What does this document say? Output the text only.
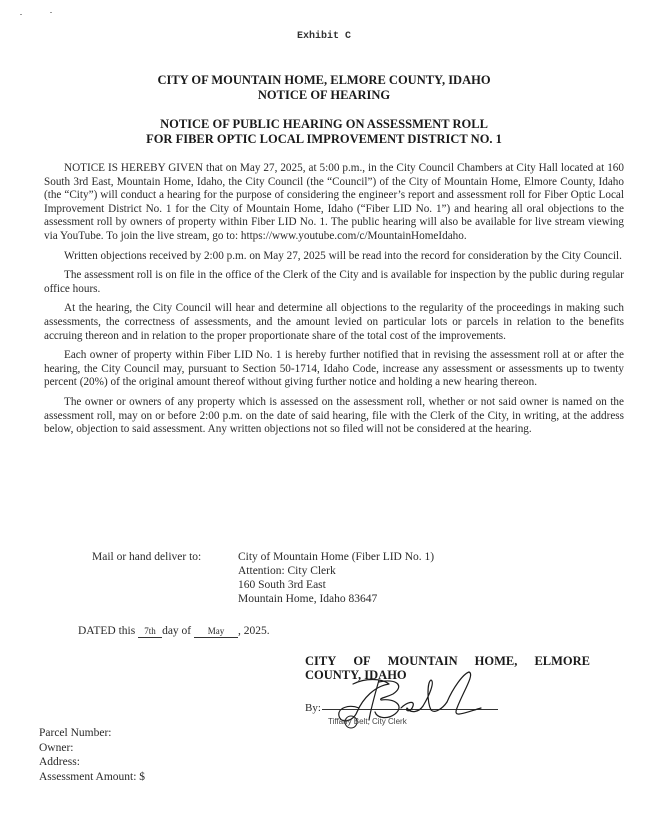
Exhibit C
CITY OF MOUNTAIN HOME, ELMORE COUNTY, IDAHO
NOTICE OF HEARING
NOTICE OF PUBLIC HEARING ON ASSESSMENT ROLL
FOR FIBER OPTIC LOCAL IMPROVEMENT DISTRICT NO. 1

NOTICE IS HEREBY GIVEN that on May 27, 2025, at 5:00 p.m., in the City Council Chambers at City Hall located at 160 South 3rd East, Mountain Home, Idaho, the City Council (the “Council”) of the City of Mountain Home, Elmore County, Idaho (the “City”) will conduct a hearing for the purpose of considering the engineer’s report and assessment roll for Fiber Optic Local Improvement District No. 1 for the City of Mountain Home, Idaho (“Fiber LID No. 1”) and hearing all oral objections to the assessment roll by owners of property within Fiber LID No. 1. The public hearing will also be available for live stream viewing via YouTube. To join the live stream, go to: https://www.youtube.com/c/MountainHomeIdaho.

Written objections received by 2:00 p.m. on May 27, 2025 will be read into the record for consideration by the City Council.

The assessment roll is on file in the office of the Clerk of the City and is available for inspection by the public during regular office hours.

At the hearing, the City Council will hear and determine all objections to the regularity of the proceedings in making such assessments, the correctness of assessments, and the amount levied on particular lots or parcels in relation to the benefits accruing thereon and in relation to the proper proportionate share of the total cost of the improvements.

Each owner of property within Fiber LID No. 1 is hereby further notified that in revising the assessment roll at or after the hearing, the City Council may, pursuant to Section 50-1714, Idaho Code, increase any assessment or assessments up to twenty percent (20%) of the original amount thereof without giving further notice and holding a new hearing thereon.

The owner or owners of any property which is assessed on the assessment roll, whether or not said owner is named on the assessment roll, may on or before 2:00 p.m. on the date of said hearing, file with the Clerk of the City, in writing, at the address below, objection to said assessment. Any written objections not so filed will not be considered at the hearing.

Mail or hand deliver to:	City of Mountain Home (Fiber LID No. 1)
Attention: City Clerk
160 South 3rd East
Mountain Home, Idaho 83647
DATED this 7th day of May , 2025.
CITY OF MOUNTAIN HOME, ELMORE
COUNTY, IDAHO
By:
Tiffany Belt, City Clerk
Parcel Number:
Owner:
Address:
Assessment Amount: $
